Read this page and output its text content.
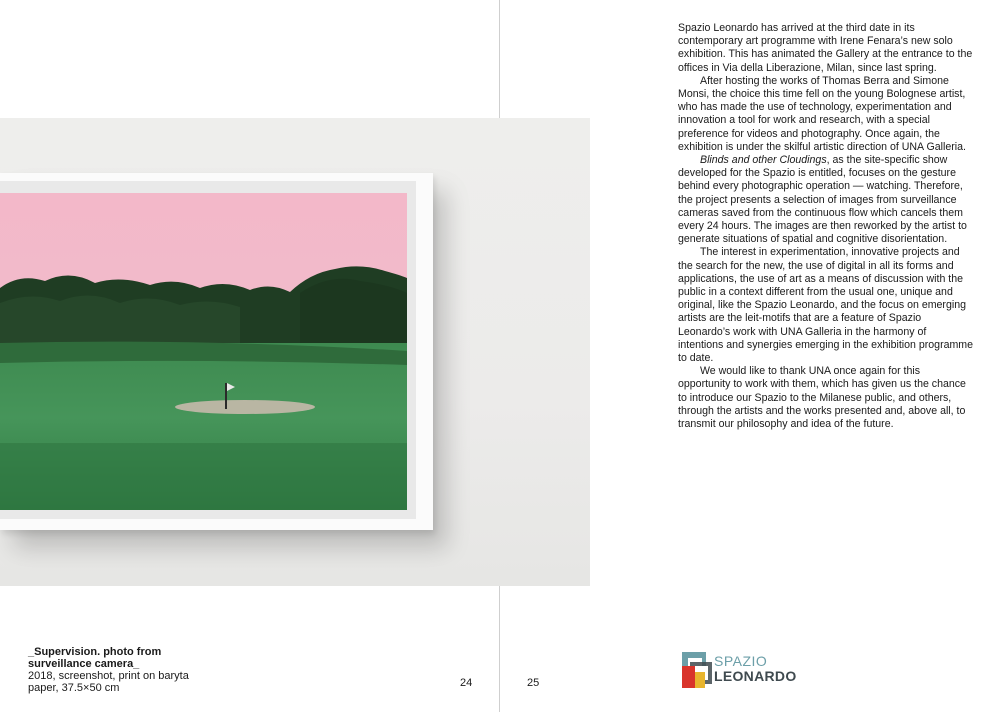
_Supervision. photo from
surveillance camera_
2018, screenshot, print on baryta
paper, 37.5×50 cm	24	25

Spazio Leonardo has arrived at the third date in its contemporary art programme with Irene Fenara’s new solo exhibition. This has animated the Gallery at the entrance to the offices in Via della Liberazione, Milan, since last spring.

After hosting the works of Thomas Berra and Simone Monsi, the choice this time fell on the young Bolognese artist, who has made the use of technology, experimentation and innovation a tool for work and research, with a special preference for videos and photography. Once again, the exhibition is under the skilful artistic direction of UNA Galleria.

Blinds and other Cloudings, as the site-specific show developed for the Spazio is entitled, focuses on the gesture behind every photographic operation — watching. Therefore, the project presents a selection of images from surveillance cameras saved from the continuous flow which cancels them every 24 hours. The images are then reworked by the artist to generate situations of spatial and cognitive disorientation.

The interest in experimentation, innovative projects and the search for the new, the use of digital in all its forms and applications, the use of art as a means of discussion with the public in a context different from the usual one, unique and original, like the Spazio Leonardo, and the focus on emerging artists are the leit-motifs that are a feature of Spazio Leonardo’s work with UNA Galleria in the harmony of intentions and synergies emerging in the exhibition programme to date.

We would like to thank UNA once again for this opportunity to work with them, which has given us the chance to introduce our Spazio to the Milanese public, and others, through the artists and the works presented and, above all, to transmit our philosophy and idea of the future.

SPAZIO
LEONARDO
